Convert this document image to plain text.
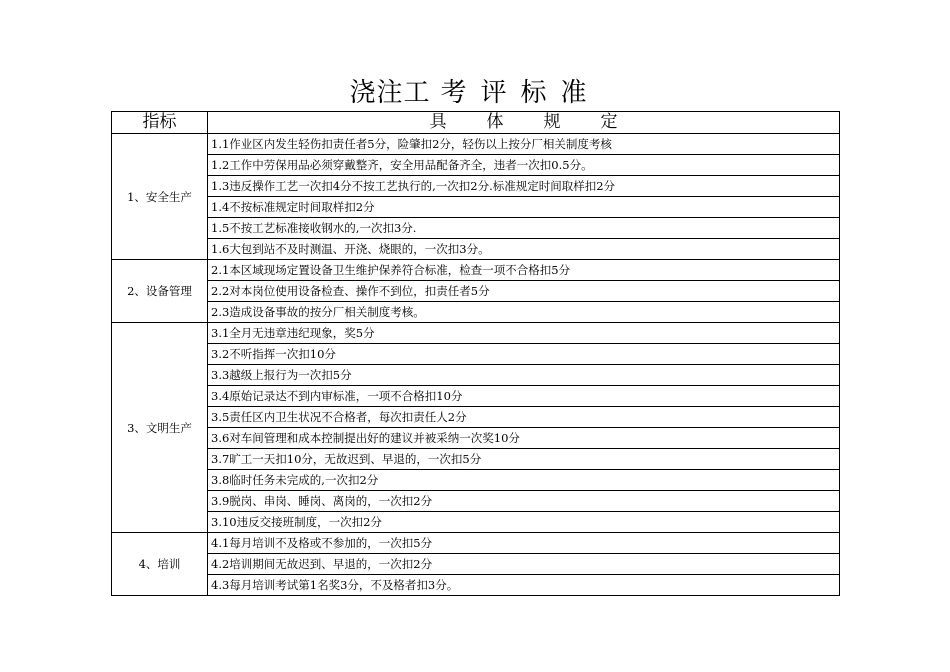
浇注工 考评标准
指标	具体规定
1、安全生产	1.1作业区内发生轻伤扣责任者5分，险肇扣2分，轻伤以上按分厂相关制度考核
	1.2工作中劳保用品必须穿戴整齐，安全用品配备齐全，违者一次扣0.5分。
	1.3违反操作工艺一次扣4分不按工艺执行的,一次扣2分.标准规定时间取样扣2分
	1.4不按标准规定时间取样扣2分
	1.5不按工艺标准接收钢水的,一次扣3分.
	1.6大包到站不及时测温、开浇、烧眼的，一次扣3分。
2、设备管理	2.1本区域现场定置设备卫生维护保养符合标准，检查一项不合格扣5分
	2.2对本岗位使用设备检查、操作不到位，扣责任者5分
	2.3造成设备事故的按分厂相关制度考核。
3、文明生产	3.1全月无违章违纪现象，奖5分
	3.2不听指挥一次扣10分
	3.3越级上报行为一次扣5分
	3.4原始记录达不到内审标准，一项不合格扣10分
	3.5责任区内卫生状况不合格者，每次扣责任人2分
	3.6对车间管理和成本控制提出好的建议并被采纳一次奖10分
	3.7旷工一天扣10分，无故迟到、早退的，一次扣5分
	3.8临时任务未完成的,一次扣2分
	3.9脱岗、串岗、睡岗、离岗的，一次扣2分
	3.10违反交接班制度，一次扣2分
4、培训	4.1每月培训不及格或不参加的，一次扣5分
	4.2培训期间无故迟到、早退的，一次扣2分
	4.3每月培训考试第1名奖3分，不及格者扣3分。
